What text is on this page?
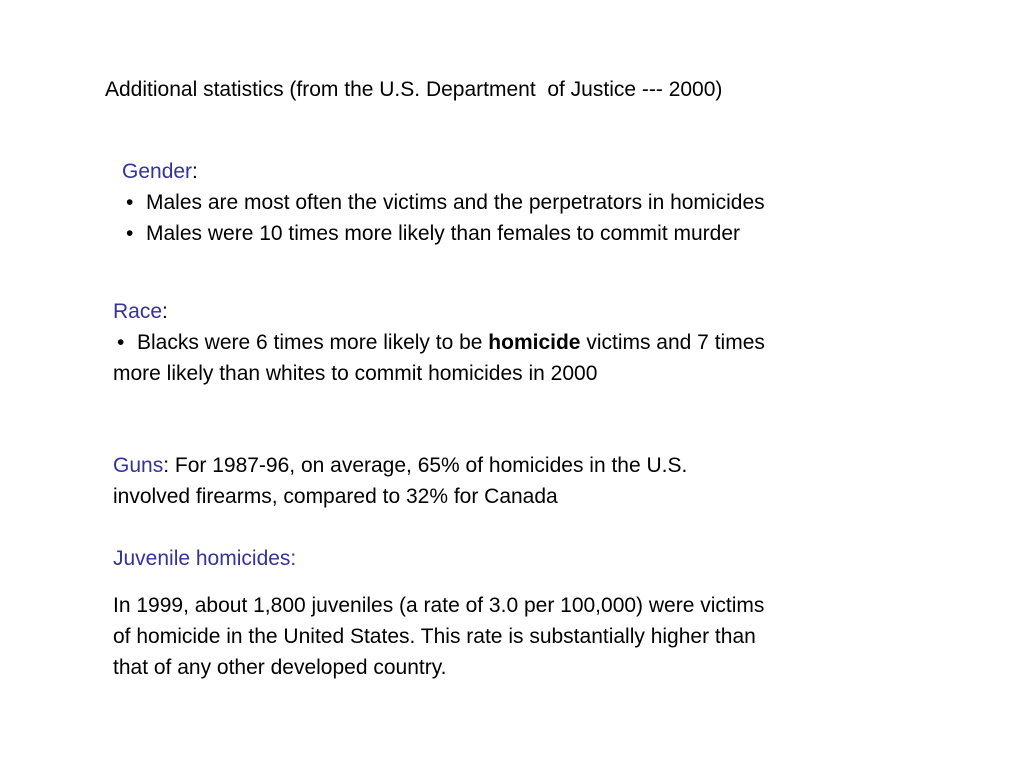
Additional statistics (from the U.S. Department  of Justice --- 2000)
Gender:
• Males are most often the victims and the perpetrators in homicides
• Males were 10 times more likely than females to commit murder
Race:
• Blacks were 6 times more likely to be homicide victims and 7 times
more likely than whites to commit homicides in 2000
Guns: For 1987-96, on average, 65% of homicides in the U.S.
involved firearms, compared to 32% for Canada
Juvenile homicides:
In 1999, about 1,800 juveniles (a rate of 3.0 per 100,000) were victims
of homicide in the United States. This rate is substantially higher than
that of any other developed country.
